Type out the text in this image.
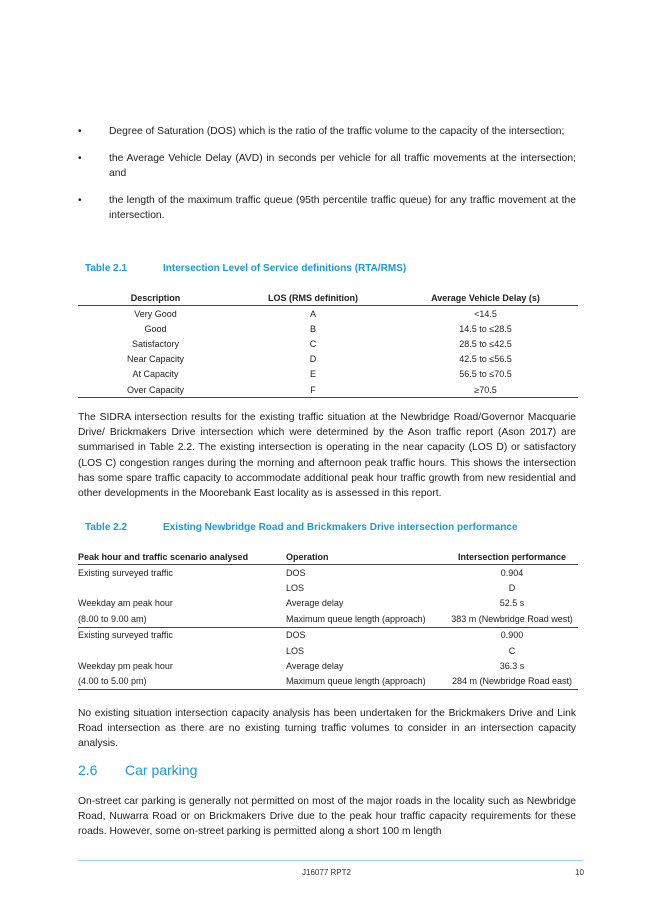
•	Degree of Saturation (DOS) which is the ratio of the traffic volume to the capacity of the intersection;
•	the Average Vehicle Delay (AVD) in seconds per vehicle for all traffic movements at the intersection; and
•	the length of the maximum traffic queue (95th percentile traffic queue) for any traffic movement at the intersection.
Table 2.1	Intersection Level of Service definitions (RTA/RMS)
Description	LOS (RMS definition)	Average Vehicle Delay (s)
Very Good	A	<14.5
Good	B	14.5 to ≤28.5
Satisfactory	C	28.5 to ≤42.5
Near Capacity	D	42.5 to ≤56.5
At Capacity	E	56.5 to ≤70.5
Over Capacity	F	≥70.5
The SIDRA intersection results for the existing traffic situation at the Newbridge Road/Governor Macquarie Drive/ Brickmakers Drive intersection which were determined by the Ason traffic report (Ason 2017) are summarised in Table 2.2. The existing intersection is operating in the near capacity (LOS D) or satisfactory (LOS C) congestion ranges during the morning and afternoon peak traffic hours. This shows the intersection has some spare traffic capacity to accommodate additional peak hour traffic growth from new residential and other developments in the Moorebank East locality as is assessed in this report.
Table 2.2	Existing Newbridge Road and Brickmakers Drive intersection performance
Peak hour and traffic scenario analysed	Operation	Intersection performance
Existing surveyed traffic	DOS	0.904
	LOS	D
Weekday am peak hour	Average delay	52.5 s
(8.00 to 9.00 am)	Maximum queue length (approach)	383 m (Newbridge Road west)
Existing surveyed traffic	DOS	0.900
	LOS	C
Weekday pm peak hour	Average delay	36.3 s
(4.00 to 5.00 pm)	Maximum queue length (approach)	284 m (Newbridge Road east)
No existing situation intersection capacity analysis has been undertaken for the Brickmakers Drive and Link Road intersection as there are no existing turning traffic volumes to consider in an intersection capacity analysis.
2.6 Car parking
On-street car parking is generally not permitted on most of the major roads in the locality such as Newbridge Road, Nuwarra Road or on Brickmakers Drive due to the peak hour traffic capacity requirements for these roads. However, some on-street parking is permitted along a short 100 m length
J16077 RPT2	10
